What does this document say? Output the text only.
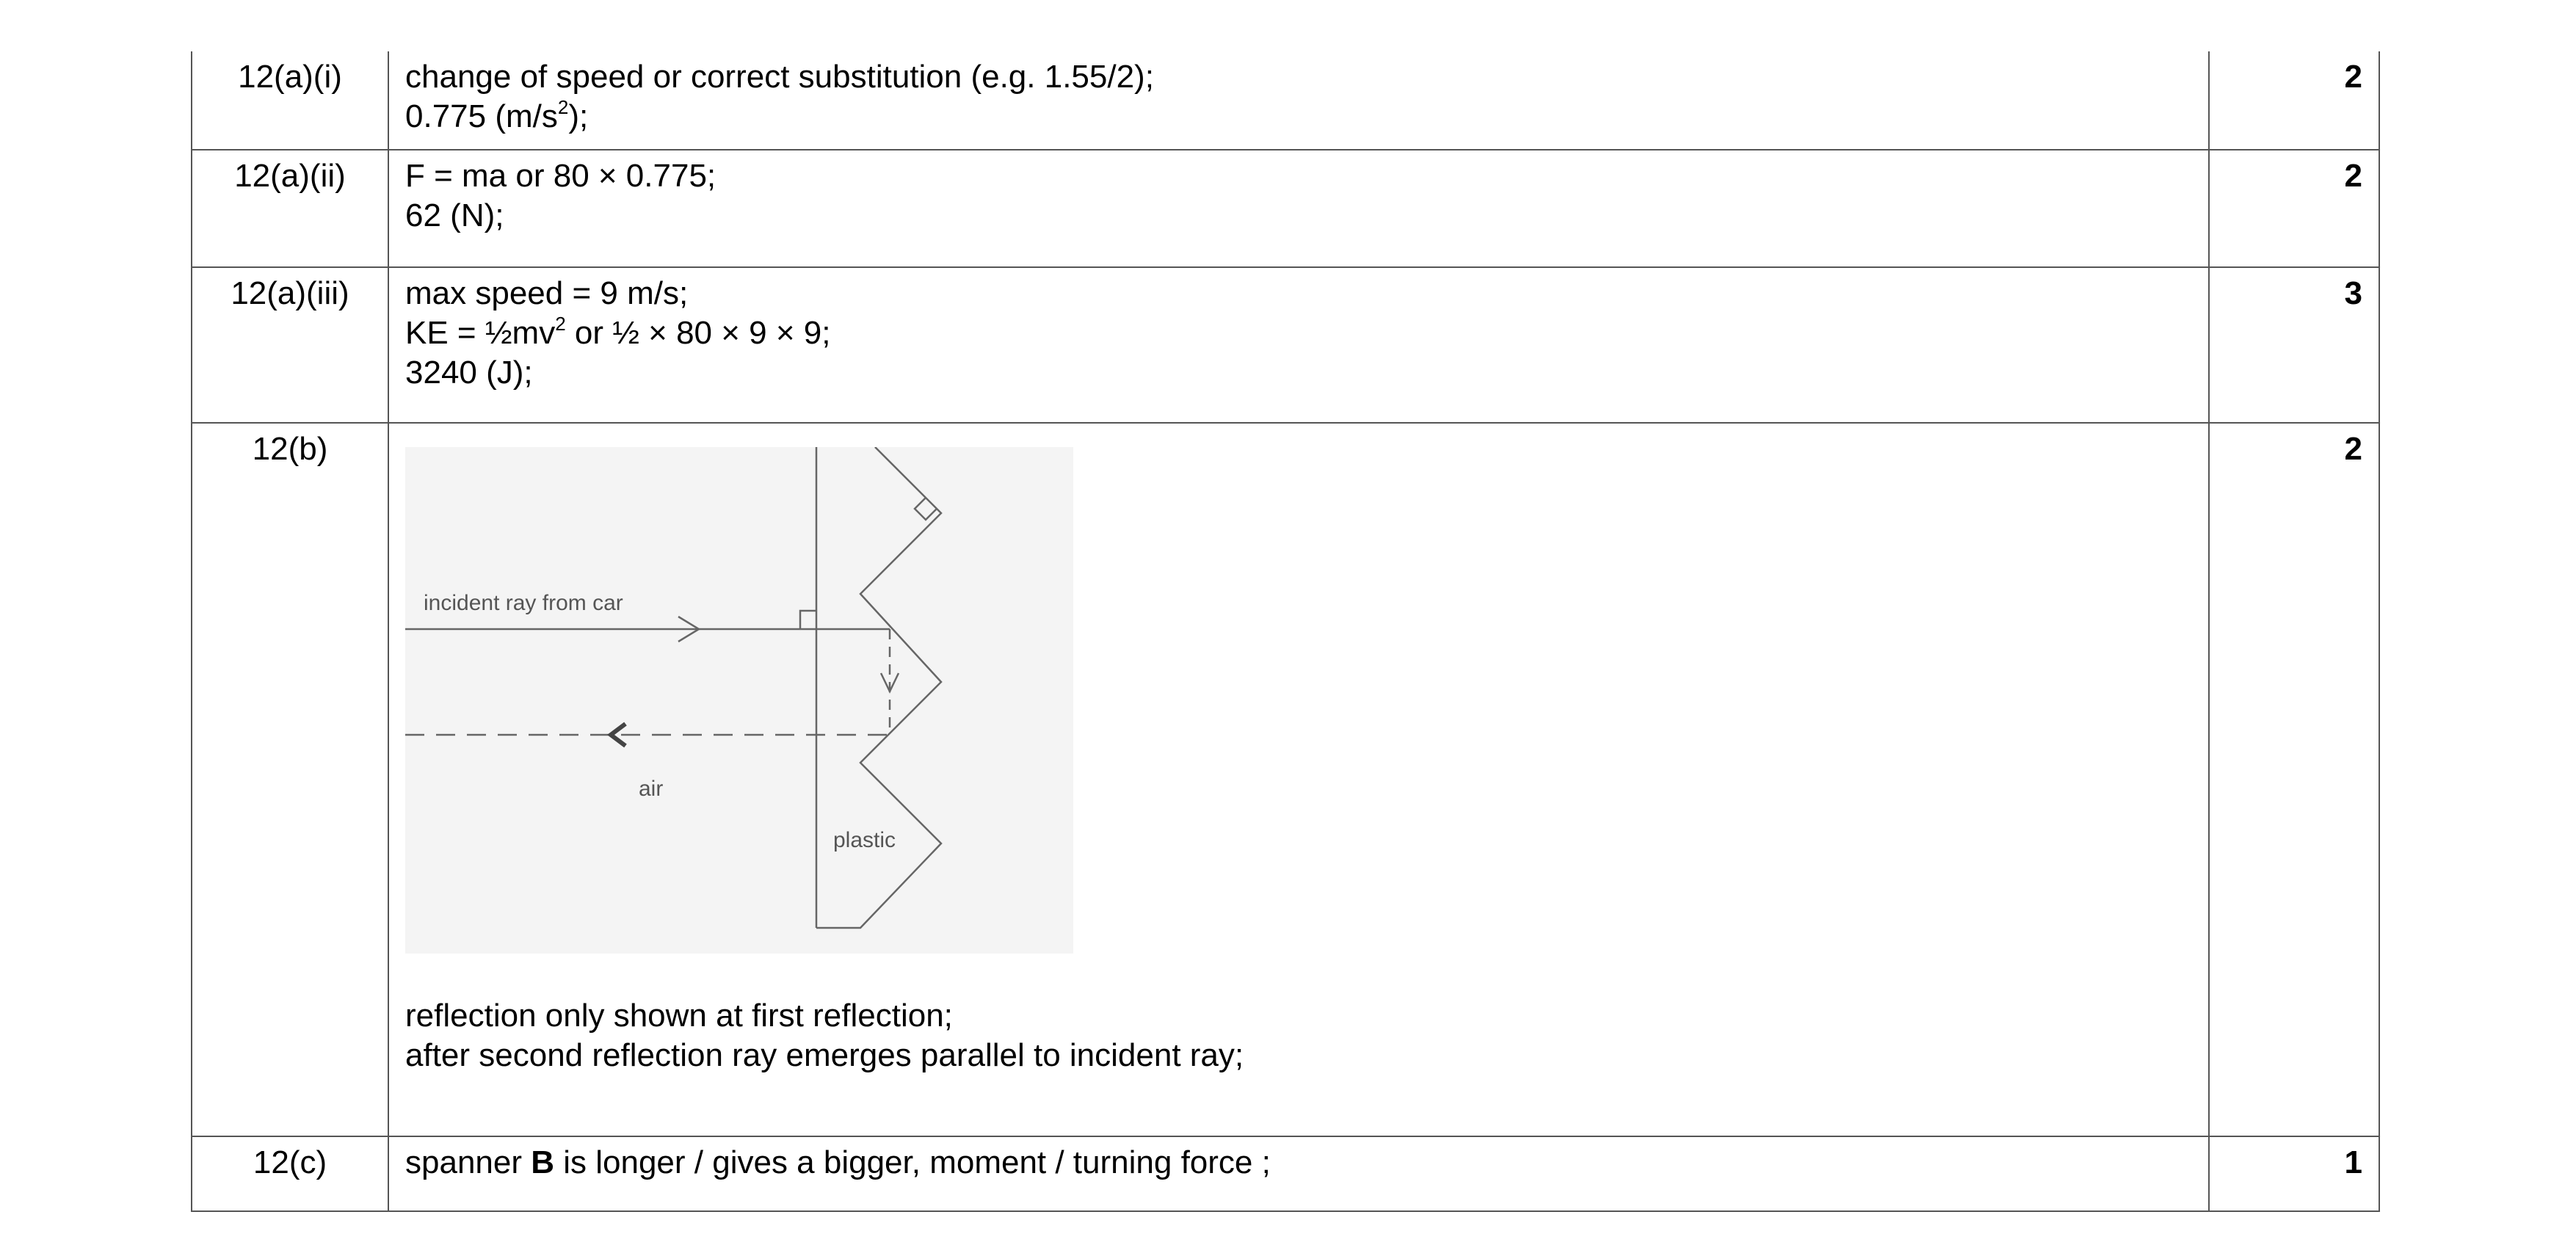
12(a)(i)	change of speed or correct substitution (e.g. 1.55/2);
0.775 $(m/s^2)$;	2
12(a)(ii)	F = ma or 80 × 0.775;
62 (N);	2
12(a)(iii)	max speed = 9 m/s;
KE = $\frac{1}{2}mv^2$ or ½ × 80 × 9 × 9;
3240 (J);	3
12(b)	incident ray from car
air
plastic
reflection only shown at first reflection;
after second reflection ray emerges parallel to incident ray;	2
12(c)	spanner B is longer / gives a bigger, moment / turning force ;	1
